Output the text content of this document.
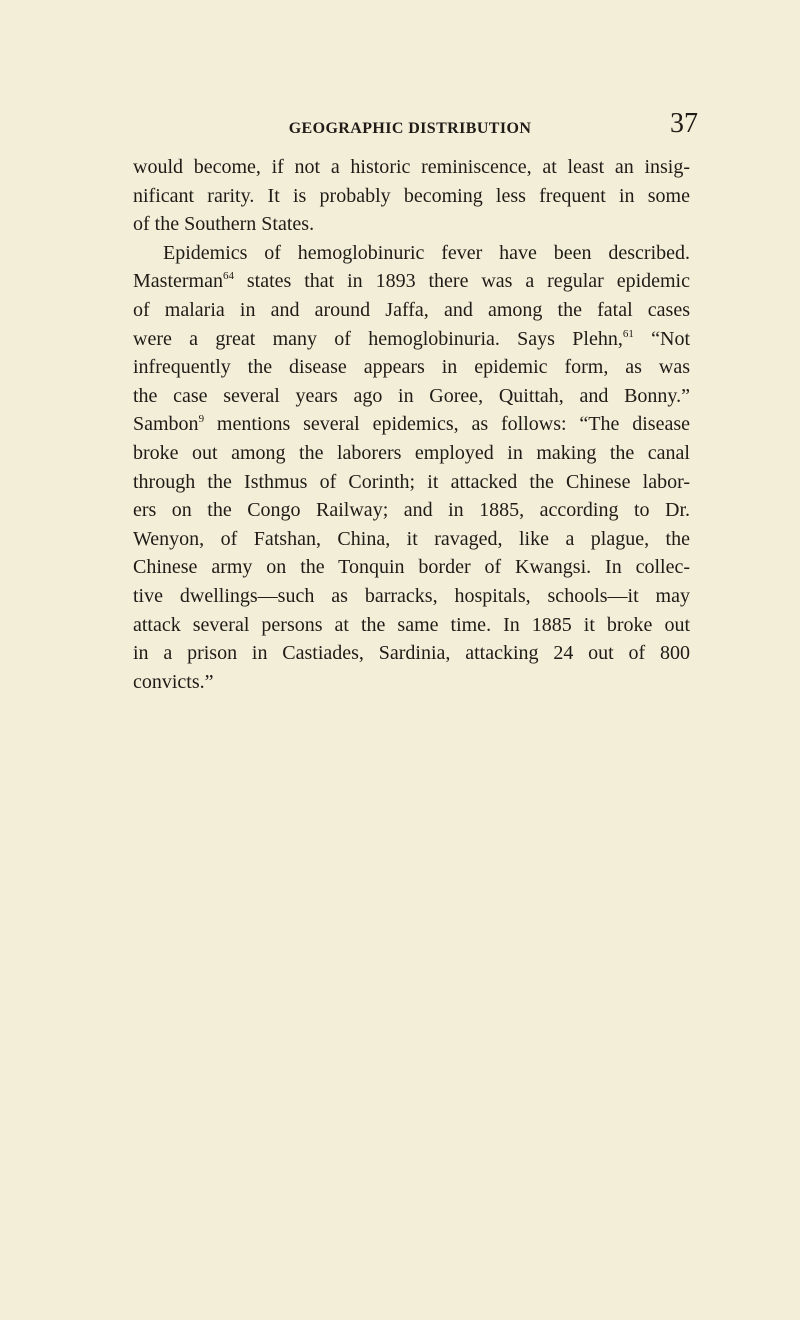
GEOGRAPHIC DISTRIBUTION	37
would become, if not a historic reminiscence, at least an insig-
nificant rarity. It is probably becoming less frequent in some
of the Southern States.
Epidemics of hemoglobinuric fever have been described.
Masterman$^{64}$ states that in 1893 there was a regular epidemic
of malaria in and around Jaffa, and among the fatal cases
were a great many of hemoglobinuria. Says Plehn,$^{61}$ “Not
infrequently the disease appears in epidemic form, as was
the case several years ago in Goree, Quittah, and Bonny.”
Sambon$^9$ mentions several epidemics, as follows: “The disease
broke out among the laborers employed in making the canal
through the Isthmus of Corinth; it attacked the Chinese labor-
ers on the Congo Railway; and in 1885, according to Dr.
Wenyon, of Fatshan, China, it ravaged, like a plague, the
Chinese army on the Tonquin border of Kwangsi. In collec-
tive dwellings—such as barracks, hospitals, schools—it may
attack several persons at the same time. In 1885 it broke out
in a prison in Castiades, Sardinia, attacking 24 out of 800
convicts.”
